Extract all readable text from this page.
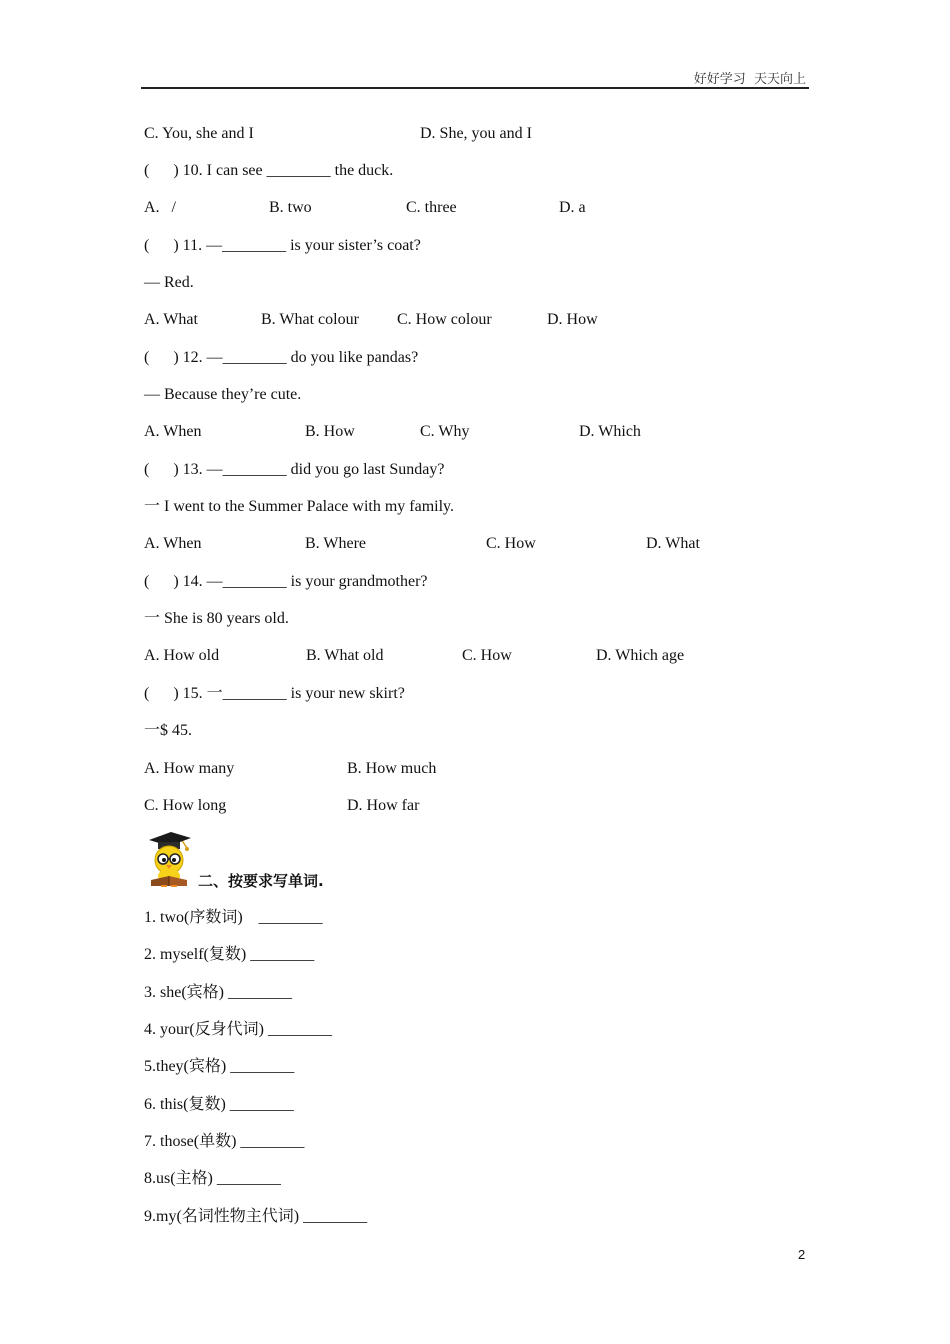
好好学习  天天向上
C. You, she and I	D. She, you and I
(      ) 10. I can see ________ the duck.
A.   /	B. two	C. three	D. a
(      ) 11. —________ is your sister’s coat?
— Red.
A. What	B. What colour C. How colour	D. How
(      ) 12. —________ do you like pandas?
— Because they’re cute.
A. When	B. How	C. Why	D. Which
(      ) 13. —________ did you go last Sunday?
一 I went to the Summer Palace with my family.
A. When	B. Where	C. How	D. What
(      ) 14. —________ is your grandmother?
一 She is 80 years old.
A. How old	B. What old	C. How	D. Which age
(      ) 15. 一________ is your new skirt?
一$ 45.
A. How many	B. How much
C. How long	D. How far
二、按要求写单词.
1. two(序数词)    ________
2. myself(复数) ________
3. she(宾格) ________
4. your(反身代词) ________
5.they(宾格) ________
6. this(复数) ________
7. those(单数) ________
8.us(主格) ________
9.my(名词性物主代词) ________
2
